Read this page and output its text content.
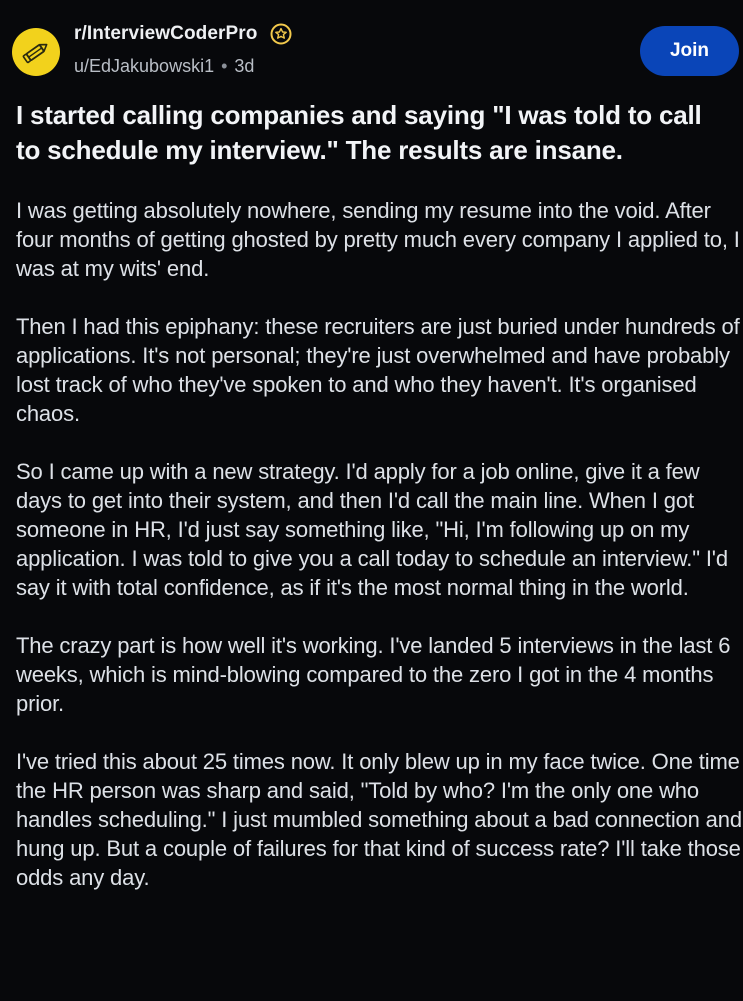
r/InterviewCoderPro
u/EdJakubowski1 • 3d
Join
I started calling companies and saying "I was told to call to schedule my interview." The results are insane.

I was getting absolutely nowhere, sending my resume into the void. After four months of getting ghosted by pretty much every company I applied to, I was at my wits' end.

Then I had this epiphany: these recruiters are just buried under hundreds of applications. It's not personal; they're just overwhelmed and have probably lost track of who they've spoken to and who they haven't. It's organised chaos.

So I came up with a new strategy. I'd apply for a job online, give it a few days to get into their system, and then I'd call the main line. When I got someone in HR, I'd just say something like, "Hi, I'm following up on my application. I was told to give you a call today to schedule an interview." I'd say it with total confidence, as if it's the most normal thing in the world.

The crazy part is how well it's working. I've landed 5 interviews in the last 6 weeks, which is mind-blowing compared to the zero I got in the 4 months prior.

I've tried this about 25 times now. It only blew up in my face twice. One time the HR person was sharp and said, "Told by who? I'm the only one who handles scheduling." I just mumbled something about a bad connection and hung up. But a couple of failures for that kind of success rate? I'll take those odds any day.
